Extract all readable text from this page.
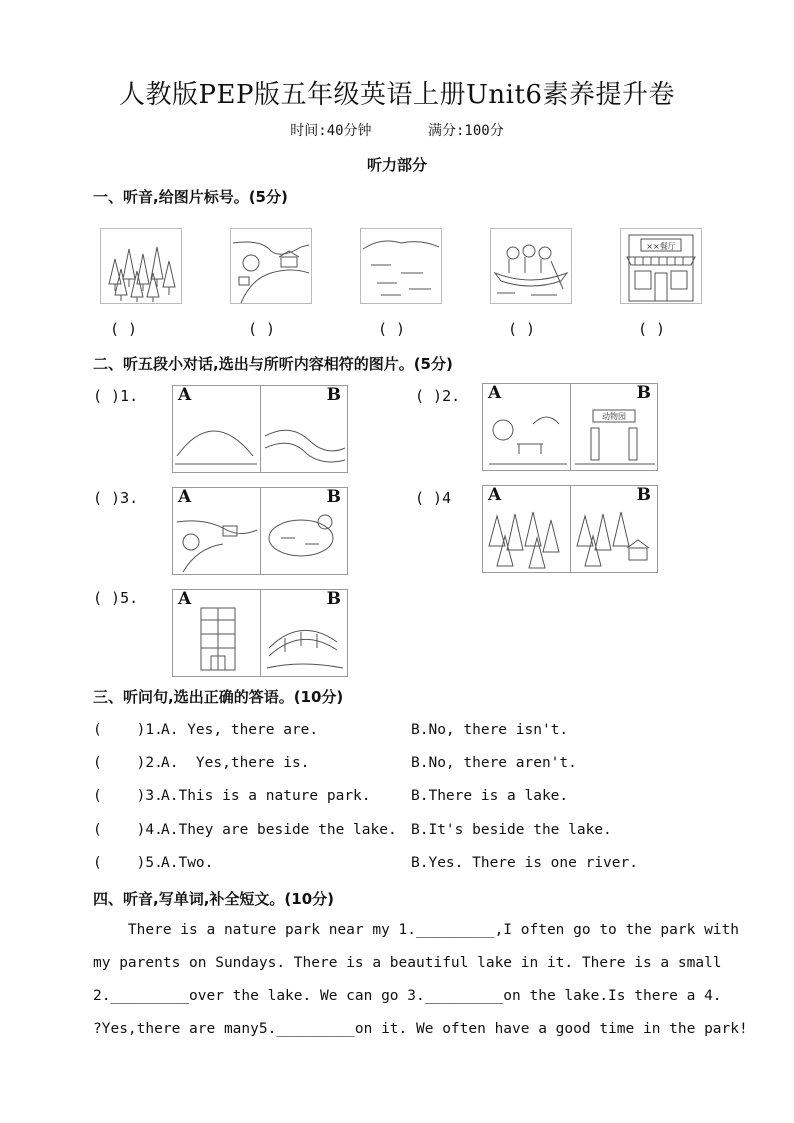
人教版PEP版五年级英语上册Unit6素养提升卷
时间:40分钟	满分:100分
听力部分
一、听音,给图片标号。(5分)
××餐厅
( )	( )	( )	( )	( )
二、听五段小对话,选出与所听内容相符的图片。(5分)
( )1. A	B	( )2. A	B
动物园
( )3. A	B	( )4 A	B
( )5. A	B
三、听问句,选出正确的答语。(10分)
(    )1.
A. Yes, there are.	B.No, there isn't.
(    )2.
A.  Yes,there is.	B.No, there aren't.
(    )3.
A.This is a nature park.	B.There is a lake.
(    )4.
A.They are beside the lake. B.It's beside the lake.
(    )5.
A.Two.	B.Yes. There is one river.
四、听音,写单词,补全短文。(10分)
There is a nature park near my 1._________,I often go to the park with
my parents on Sundays. There is a beautiful lake in it. There is a small
2._________over the lake. We can go 3._________on the lake.Is there a 4.
?Yes,there are many5._________on it. We often have a good time in the park!
